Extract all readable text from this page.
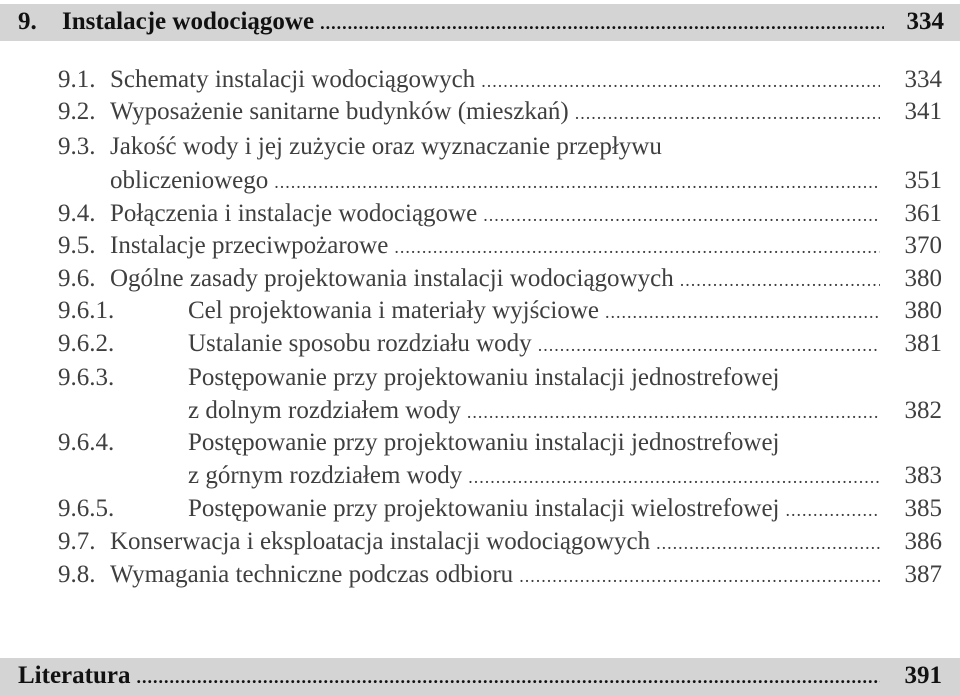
9.	Instalacje wodociągowe .....	334
9.1. Schematy instalacji wodociągowych .....	334
9.2. Wyposażenie sanitarne budynków (mieszkań) .....	341
9.3. Jakość wody i jej zużycie oraz wyznaczanie przepływu
obliczeniowego .....	351
9.4. Połączenia i instalacje wodociągowe .....	361
9.5. Instalacje przeciwpożarowe .....	370
9.6. Ogólne zasady projektowania instalacji wodociągowych .....	380
9.6.1.	Cel projektowania i materiały wyjściowe .....	380
9.6.2.	Ustalanie sposobu rozdziału wody .....	381
9.6.3.	Postępowanie przy projektowaniu instalacji jednostrefowej
z dolnym rozdziałem wody .....	382
9.6.4.	Postępowanie przy projektowaniu instalacji jednostrefowej
z górnym rozdziałem wody .....	383
9.6.5.	Postępowanie przy projektowaniu instalacji wielostrefowej .....	385
9.7. Konserwacja i eksploatacja instalacji wodociągowych .....	386
9.8. Wymagania techniczne podczas odbioru .....	387
Literatura .....	391
